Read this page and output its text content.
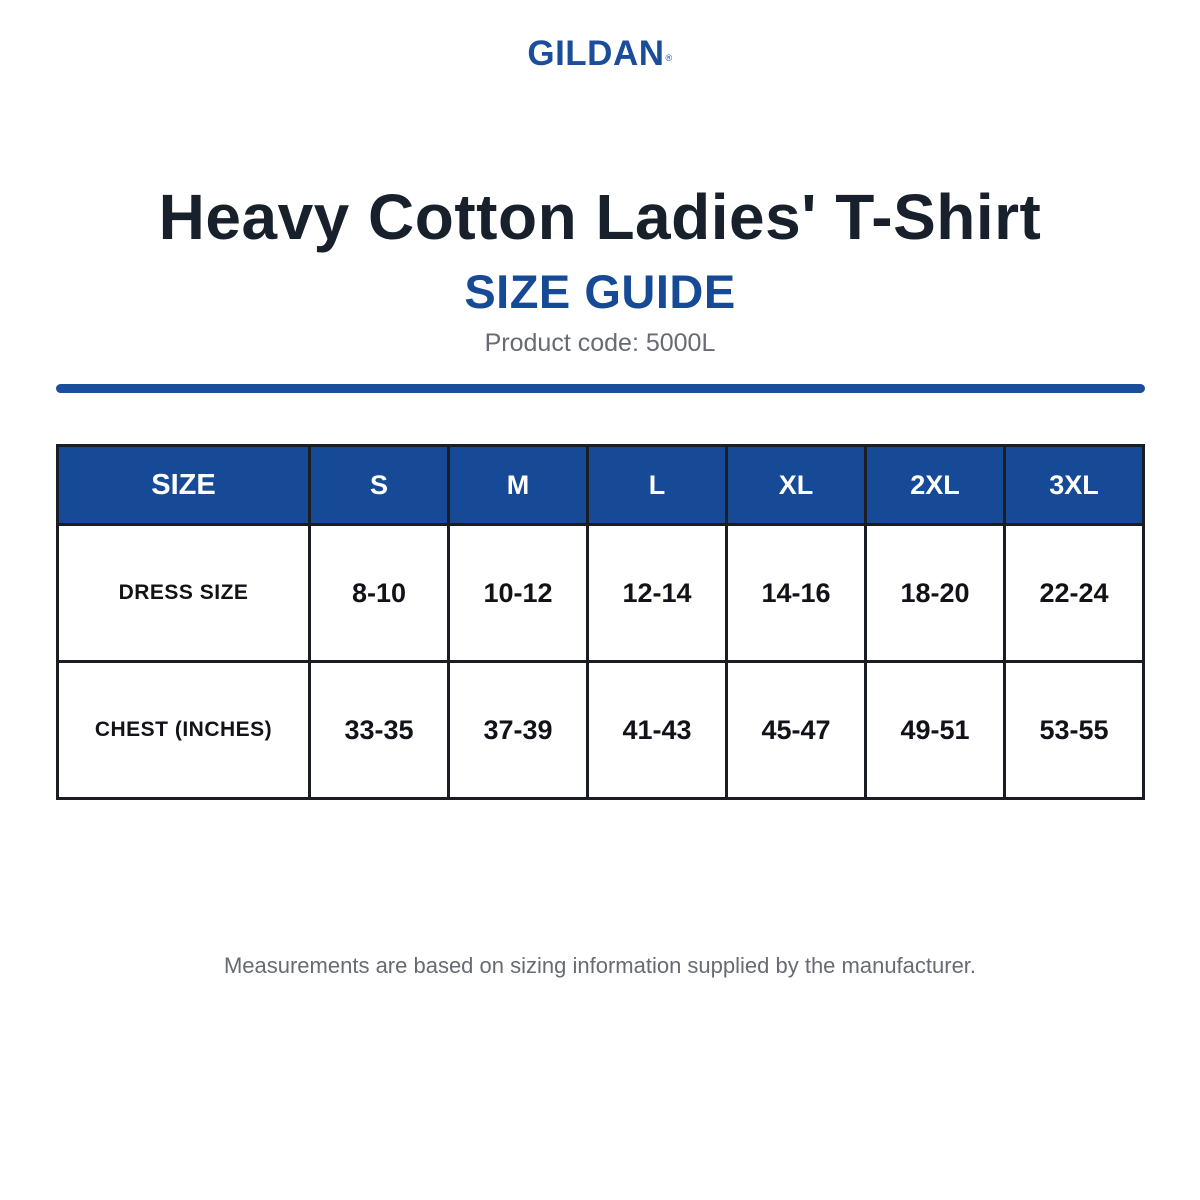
GILDAN®
Heavy Cotton Ladies' T-Shirt
SIZE GUIDE
Product code: 5000L
SIZE	S	M	L	XL	2XL	3XL
DRESS SIZE	8-10	10-12	12-14	14-16	18-20	22-24
CHEST (INCHES)	33-35	37-39	41-43	45-47	49-51	53-55
Measurements are based on sizing information supplied by the manufacturer.
